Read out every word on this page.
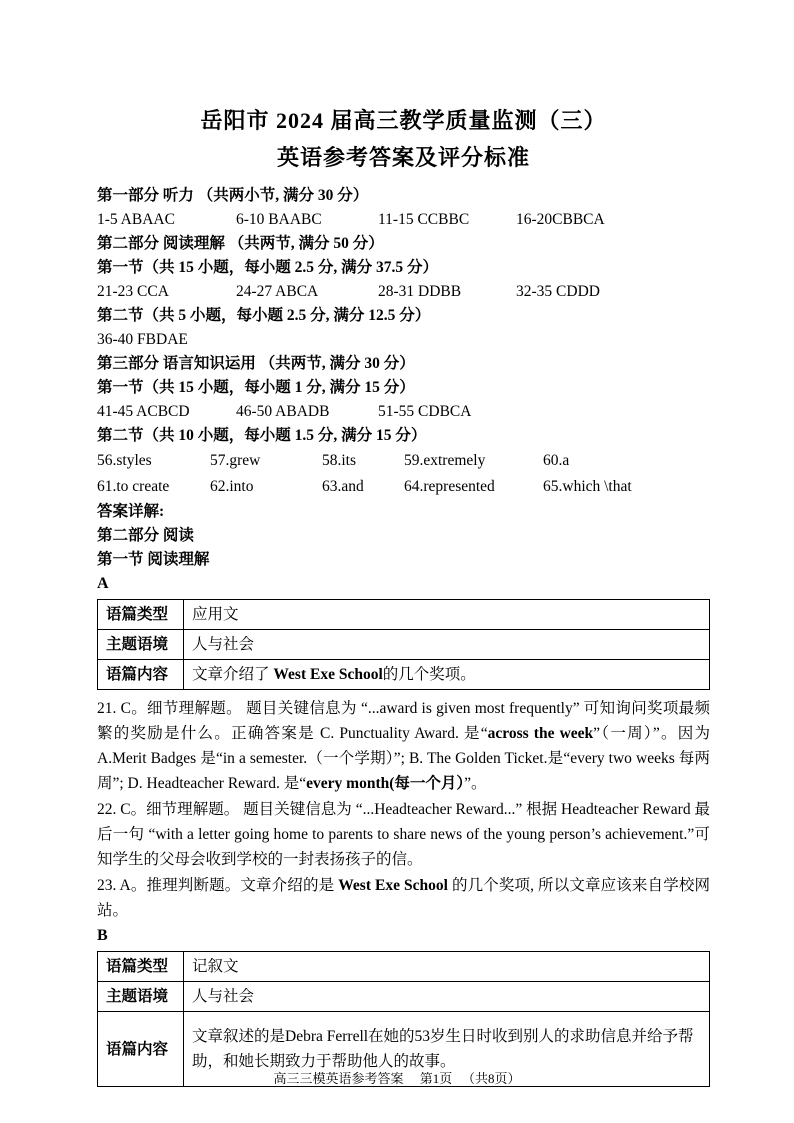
岳阳市 2024 届高三教学质量监测（三）
英语参考答案及评分标准
第一部分 听力 （共两小节, 满分 30 分）
1-5 ABAAC	6-10 BAABC	11-15 CCBBC	16-20CBBCA
第二部分 阅读理解 （共两节, 满分 50 分）
第一节（共 15 小题，每小题 2.5 分, 满分 37.5 分）
21-23 CCA	24-27 ABCA	28-31 DDBB	32-35 CDDD
第二节（共 5 小题，每小题 2.5 分, 满分 12.5 分）
36-40 FBDAE
第三部分 语言知识运用 （共两节, 满分 30 分）
第一节（共 15 小题，每小题 1 分, 满分 15 分）
41-45 ACBCD	46-50 ABADB	51-55 CDBCA
第二节（共 10 小题，每小题 1.5 分, 满分 15 分）
56.styles	57.grew	58.its	59.extremely	60.a
61.to create	62.into	63.and	64.represented	65.which \that
答案详解:
第二部分 阅读
第一节 阅读理解
A
语篇类型	应用文
主题语境	人与社会
语篇内容	文章介绍了 West Exe School的几个奖项。

21. C。细节理解题。 题目关键信息为 “...award is given most frequently” 可知询问奖项最频繁的奖励是什么。正确答案是 C. Punctuality Award. 是“across the week”（一周）”。因为 A.Merit Badges 是“in a semester.（一个学期）”; B. The Golden Ticket.是“every two weeks 每两周”; D. Headteacher Reward. 是“every month(每一个月）”。

22. C。细节理解题。 题目关键信息为 “...Headteacher Reward...” 根据 Headteacher Reward 最后一句 “with a letter going home to parents to share news of the young person’s achievement.”可知学生的父母会收到学校的一封表扬孩子的信。

23. A。推理判断题。文章介绍的是 West Exe School 的几个奖项, 所以文章应该来自学校网站。

B
语篇类型	记叙文
主题语境	人与社会
语篇内容	文章叙述的是Debra Ferrell在她的53岁生日时收到别人的求助信息并给予帮助，和她长期致力于帮助他人的故事。
高三三模英语参考答案　 第1页 　（共8页）
